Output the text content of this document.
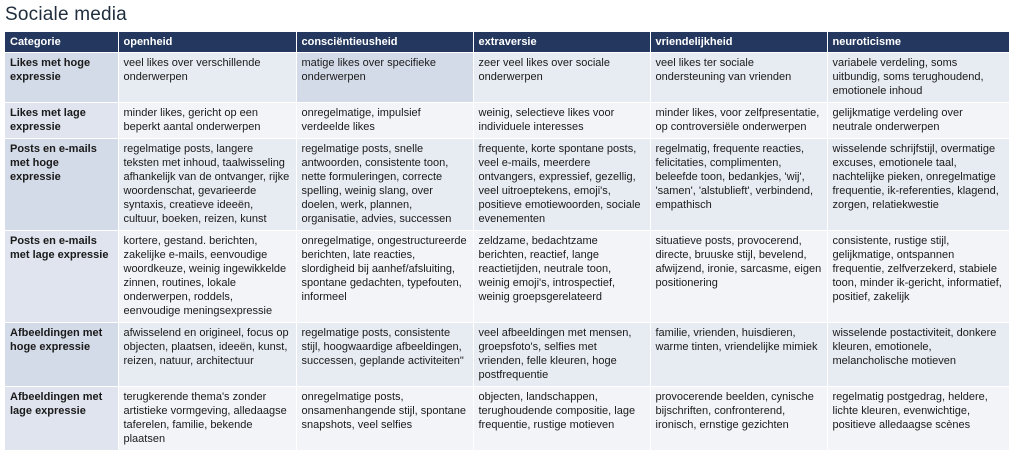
Sociale media
Categorie	openheid	consciëntieusheid	extraversie	vriendelijkheid	neuroticisme
Likes met hoge expressie	veel likes over verschillende onderwerpen	matige likes over specifieke onderwerpen	zeer veel likes over sociale onderwerpen	veel likes ter sociale ondersteuning van vrienden	variabele verdeling, soms uitbundig, soms terughoudend, emotionele inhoud
Likes met lage expressie	minder likes, gericht op een beperkt aantal onderwerpen	onregelmatige, impulsief verdeelde likes	weinig, selectieve likes voor individuele interesses	minder likes, voor zelfpresentatie, op controversiële onderwerpen	gelijkmatige verdeling over neutrale onderwerpen
Posts en e-mails met hoge expressie	regelmatige posts, langere teksten met inhoud, taalwisseling afhankelijk van de ontvanger, rijke woordenschat, gevarieerde syntaxis, creatieve ideeën, cultuur, boeken, reizen, kunst	regelmatige posts, snelle antwoorden, consistente toon, nette formuleringen, correcte spelling, weinig slang, over doelen, werk, plannen, organisatie, advies, successen	frequente, korte spontane posts, veel e-mails, meerdere ontvangers, expressief, gezellig, veel uitroeptekens, emoji's, positieve emotiewoorden, sociale evenementen	regelmatig, frequente reacties, felicitaties, complimenten, beleefde toon, bedankjes, 'wij', 'samen', 'alstublieft', verbindend, empathisch	wisselende schrijfstijl, overmatige excuses, emotionele taal, nachtelijke pieken, onregelmatige frequentie, ik-referenties, klagend, zorgen, relatiekwestie
Posts en e-mails met lage expressie	kortere, gestand. berichten, zakelijke e-mails, eenvoudige woordkeuze, weinig ingewikkelde zinnen, routines, lokale onderwerpen, roddels, eenvoudige meningsexpressie	onregelmatige, ongestructureerde berichten, late reacties, slordigheid bij aanhef/afsluiting, spontane gedachten, typefouten, informeel	zeldzame, bedachtzame berichten, reactief, lange reactietijden, neutrale toon, weinig emoji's, introspectief, weinig groepsgerelateerd	situatieve posts, provocerend, directe, bruuske stijl, bevelend, afwijzend, ironie, sarcasme, eigen positionering	consistente, rustige stijl, gelijkmatige, ontspannen frequentie, zelfverzekerd, stabiele toon, minder ik-gericht, informatief, positief, zakelijk
Afbeeldingen met hoge expressie	afwisselend en origineel, focus op objecten, plaatsen, ideeën, kunst, reizen, natuur, architectuur	regelmatige posts, consistente stijl, hoogwaardige afbeeldingen, successen, geplande activiteiten"	veel afbeeldingen met mensen, groepsfoto's, selfies met vrienden, felle kleuren, hoge postfrequentie	familie, vrienden, huisdieren, warme tinten, vriendelijke mimiek	wisselende postactiviteit, donkere kleuren, emotionele, melancholische motieven
Afbeeldingen met lage expressie	terugkerende thema's zonder artistieke vormgeving, alledaagse taferelen, familie, bekende plaatsen	onregelmatige posts, onsamenhangende stijl, spontane snapshots, veel selfies	objecten, landschappen, terughoudende compositie, lage frequentie, rustige motieven	provocerende beelden, cynische bijschriften, confronterend, ironisch, ernstige gezichten	regelmatig postgedrag, heldere, lichte kleuren, evenwichtige, positieve alledaagse scènes
